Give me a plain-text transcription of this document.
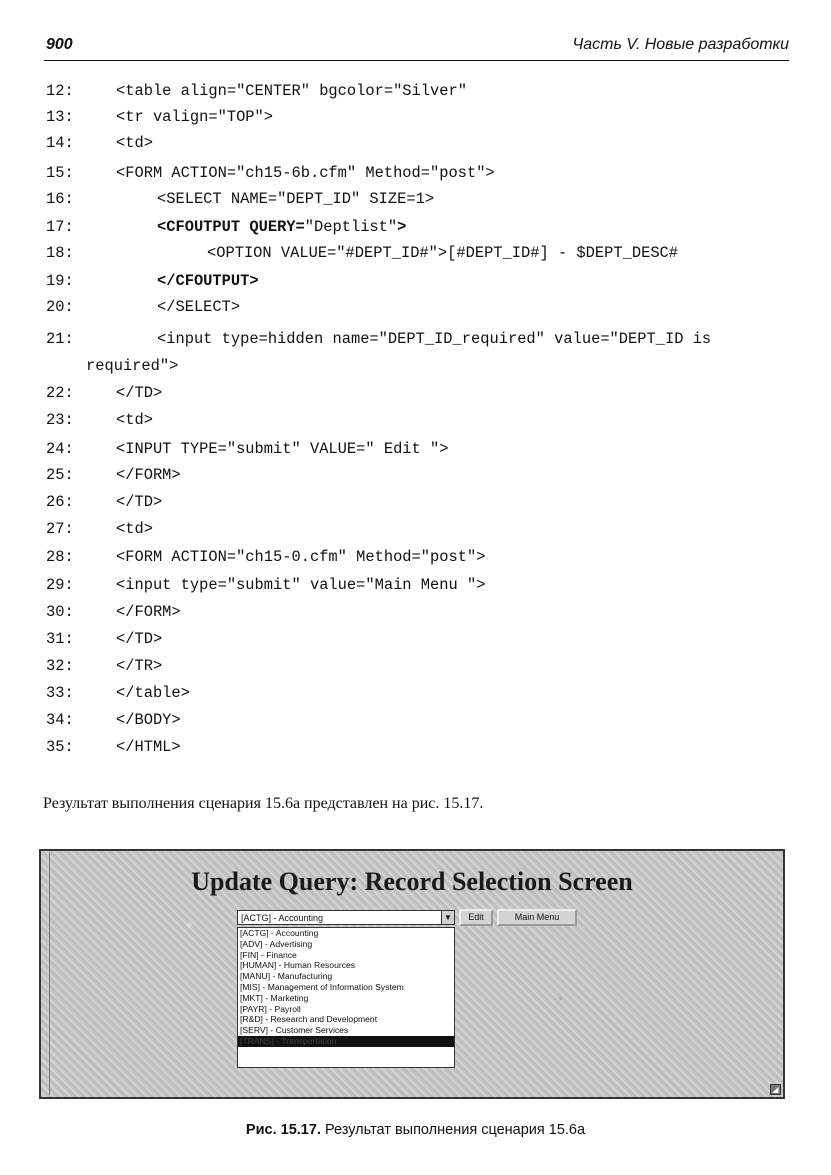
900	Часть V. Новые разработки
12:	<table align="CENTER" bgcolor="Silver"
13:	<tr valign="TOP">
14:	<td>
15:	<FORM ACTION="ch15-6b.cfm" Method="post">
16:	<SELECT NAME="DEPT_ID" SIZE=1>
17:	<CFOUTPUT QUERY="Deptlist">
18:	<OPTION VALUE="#DEPT_ID#">[#DEPT_ID#] - $DEPT_DESC#
19:	</CFOUTPUT>
20:	</SELECT>
21:	<input type=hidden name="DEPT_ID_required" value="DEPT_ID is
required">
22:	</TD>
23:	<td>
24:	<INPUT TYPE="submit" VALUE=" Edit ">
25:	</FORM>
26:	</TD>
27:	<td>
28:	<FORM ACTION="ch15-0.cfm" Method="post">
29:	<input type="submit" value="Main Menu ">
30:	</FORM>
31:	</TD>
32:	</TR>
33:	</table>
34:	</BODY>
35:	</HTML>
Результат выполнения сценария 15.6а представлен на рис. 15.17.
Update Query: Record Selection Screen
[ACTG] - Accounting	▼	Edit	Main Menu
[ACTG] - Accounting
[ADV] - Advertising
[FIN] - Finance
[HUMAN] - Human Resources
[MANU] - Manufacturing
[MIS] - Management of Information System
[MKT] - Marketing
[PAYR] - Payroll
[R&D] - Research and Development
[SERV] - Customer Services
[TRANS] - Transportation
◢
Рис. 15.17. Результат выполнения сценария 15.6а
